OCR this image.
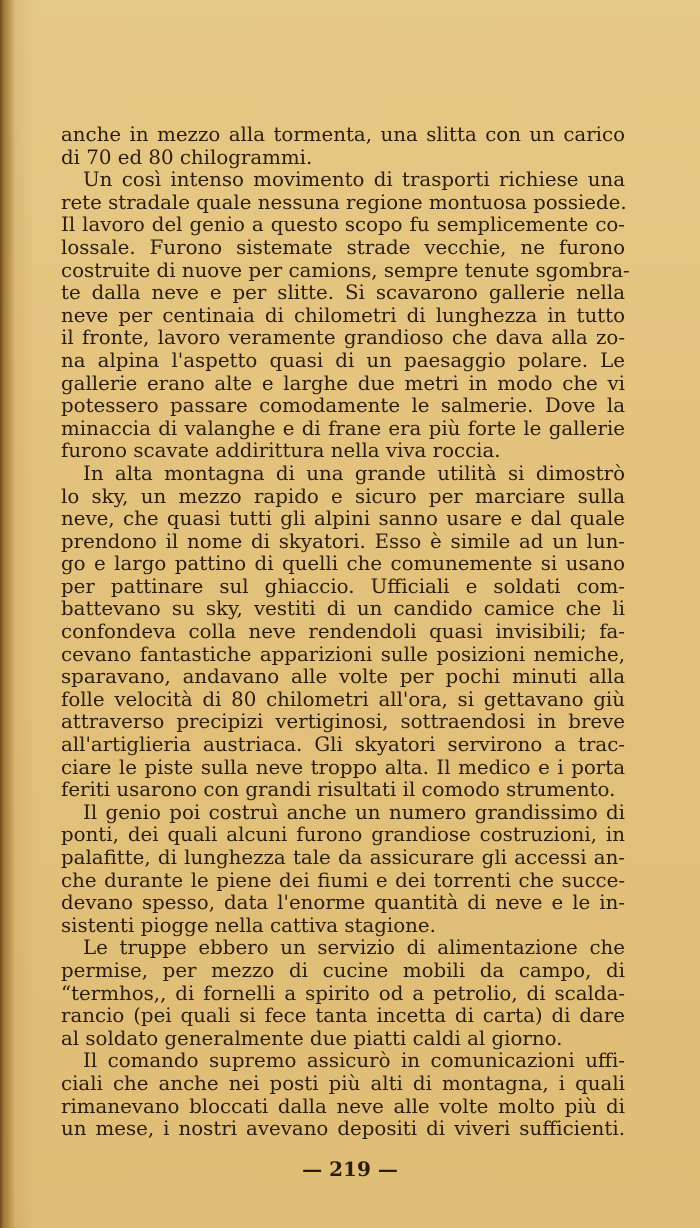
anche in mezzo alla tormenta, una slitta con un carico
di 70 ed 80 chilogrammi.
Un così intenso movimento di trasporti richiese una
rete stradale quale nessuna regione montuosa possiede.
Il lavoro del genio a questo scopo fu semplicemente co-
lossale. Furono sistemate strade vecchie, ne furono
costruite di nuove per camions, sempre tenute sgombra-
te dalla neve e per slitte. Si scavarono gallerie nella
neve per centinaia di chilometri di lunghezza in tutto
il fronte, lavoro veramente grandioso che dava alla zo-
na alpina l'aspetto quasi di un paesaggio polare. Le
gallerie erano alte e larghe due metri in modo che vi
potessero passare comodamente le salmerie. Dove la
minaccia di valanghe e di frane era più forte le gallerie
furono scavate addirittura nella viva roccia.
In alta montagna di una grande utilità si dimostrò
lo sky, un mezzo rapido e sicuro per marciare sulla
neve, che quasi tutti gli alpini sanno usare e dal quale
prendono il nome di skyatori. Esso è simile ad un lun-
go e largo pattino di quelli che comunemente si usano
per pattinare sul ghiaccio. Ufficiali e soldati com-
battevano su sky, vestiti di un candido camice che li
confondeva colla neve rendendoli quasi invisibili; fa-
cevano fantastiche apparizioni sulle posizioni nemiche,
sparavano, andavano alle volte per pochi minuti alla
folle velocità di 80 chilometri all'ora, si gettavano giù
attraverso precipizi vertiginosi, sottraendosi in breve
all'artiglieria austriaca. Gli skyatori servirono a trac-
ciare le piste sulla neve troppo alta. Il medico e i porta
feriti usarono con grandi risultati il comodo strumento.
Il genio poi costruì anche un numero grandissimo di
ponti, dei quali alcuni furono grandiose costruzioni, in
palafitte, di lunghezza tale da assicurare gli accessi an-
che durante le piene dei fiumi e dei torrenti che succe-
devano spesso, data l'enorme quantità di neve e le in-
sistenti piogge nella cattiva stagione.
Le truppe ebbero un servizio di alimentazione che
permise, per mezzo di cucine mobili da campo, di
“termhos,, di fornelli a spirito od a petrolio, di scalda-
rancio (pei quali si fece tanta incetta di carta) di dare
al soldato generalmente due piatti caldi al giorno.
Il comando supremo assicurò in comunicazioni uffi-
ciali che anche nei posti più alti di montagna, i quali
rimanevano bloccati dalla neve alle volte molto più di
un mese, i nostri avevano depositi di viveri sufficienti.
— 219 —
